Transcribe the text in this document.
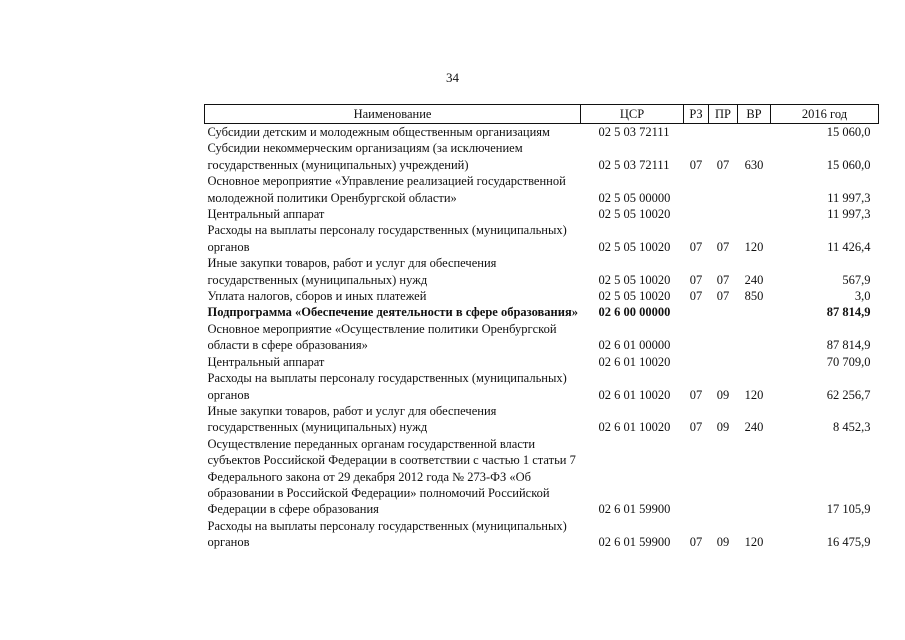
34
Наименование	ЦСР	РЗ	ПР	ВР	2016 год
Субсидии детским и молодежным общественным организациям	02 5 03 72111				15 060,0
Субсидии некоммерческим организациям (за исключением государственных (муниципальных) учреждений)	02 5 03 72111	07	07	630	15 060,0
Основное мероприятие «Управление реализацией государственной молодежной политики Оренбургской области»	02 5 05 00000				11 997,3
Центральный аппарат	02 5 05 10020				11 997,3
Расходы на выплаты персоналу государственных (муниципальных) органов	02 5 05 10020	07	07	120	11 426,4
Иные закупки товаров, работ и услуг для обеспечения государственных (муниципальных) нужд	02 5 05 10020	07	07	240	567,9
Уплата налогов, сборов и иных платежей	02 5 05 10020	07	07	850	3,0
Подпрограмма «Обеспечение деятельности в сфере образования»	02 6 00 00000				87 814,9
Основное мероприятие «Осуществление политики Оренбургской области в сфере образования»	02 6 01 00000				87 814,9
Центральный аппарат	02 6 01 10020				70 709,0
Расходы на выплаты персоналу государственных (муниципальных) органов	02 6 01 10020	07	09	120	62 256,7
Иные закупки товаров, работ и услуг для обеспечения государственных (муниципальных) нужд	02 6 01 10020	07	09	240	8 452,3
Осуществление переданных органам государственной власти субъектов Российской Федерации в соответствии с частью 1 статьи 7 Федерального закона от 29 декабря 2012 года № 273-ФЗ «Об образовании в Российской Федерации» полномочий Российской Федерации в сфере образования	02 6 01 59900				17 105,9
Расходы на выплаты персоналу государственных (муниципальных) органов	02 6 01 59900	07	09	120	16 475,9
